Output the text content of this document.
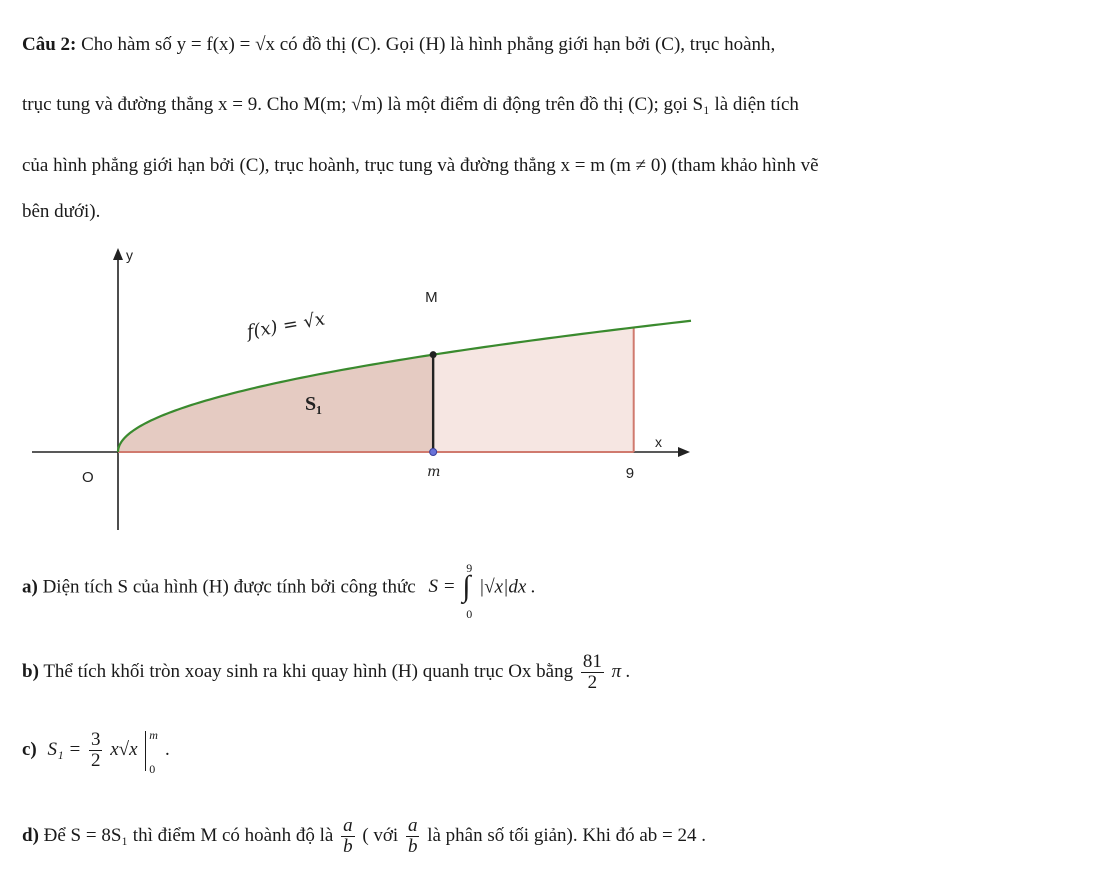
Câu 2: Cho hàm số y = f(x) = √x có đồ thị (C). Gọi (H) là hình phẳng giới hạn bởi (C), trục hoành,
trục tung và đường thẳng x = 9. Cho M(m; √m) là một điểm di động trên đồ thị (C); gọi S₁ là diện tích
của hình phẳng giới hạn bởi (C), trục hoành, trục tung và đường thẳng x = m (m ≠ 0) (tham khảo hình vẽ
bên dưới).
y
x
O
f(x) = √x
M
S₁
m	9
a) Diện tích S của hình (H) được tính bởi công thức S =
9
∫
0
|√x|dx .
b) Thể tích khối tròn xoay sinh ra khi quay hình (H) quanh trục Ox bằng $\frac{81}{2}$ π .
c) $S_1 = \frac{3}{2} x√x$
m
0
.
d) Để S = 8S₁ thì điểm M có hoành độ là $\frac{a}{b}$ ( với $\frac{a}{b}$ là phân số tối giản). Khi đó ab = 24 .
